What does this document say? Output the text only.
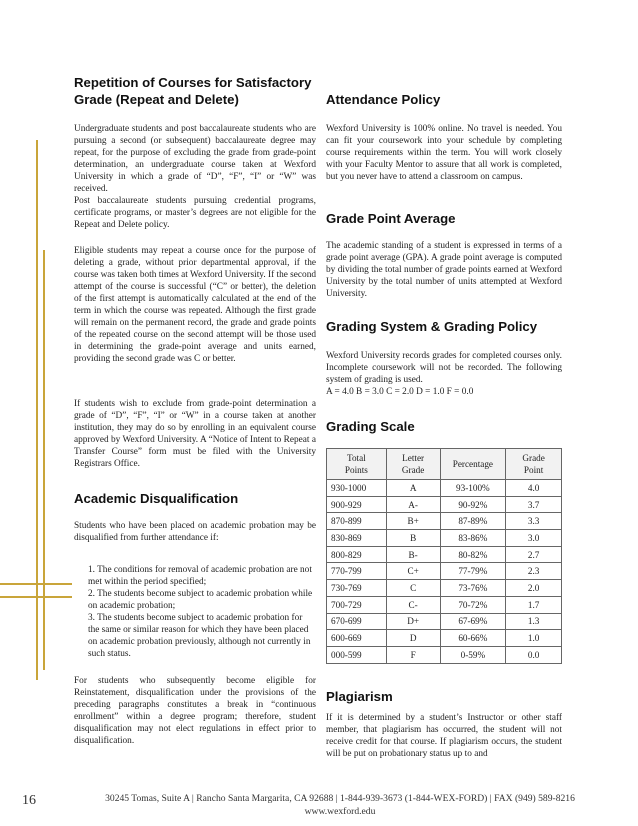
Repetition of Courses for Satisfactory
Grade (Repeat and Delete)

Undergraduate students and post baccalaureate students who are pursuing a second (or subsequent) baccalaureate degree may repeat, for the purpose of excluding the grade from grade-point determination, an undergraduate course taken at Wexford University in which a grade of “D”, “F”, “I” or “W” was received.

Post baccalaureate students pursuing credential programs, certificate programs, or master’s degrees are not eligible for the Repeat and Delete policy.

Eligible students may repeat a course once for the purpose of deleting a grade, without prior departmental approval, if the course was taken both times at Wexford University. If the second attempt of the course is successful (“C” or better), the deletion of the first attempt is automatically calculated at the end of the term in which the course was repeated. Although the first grade will remain on the permanent record, the grade and grade points of the repeated course on the second attempt will be those used in determining the grade-point average and units earned, providing the second grade was C or better.

If students wish to exclude from grade-point determination a grade of “D”, “F”, “I” or “W” in a course taken at another institution, they may do so by enrolling in an equivalent course approved by Wexford University. A “Notice of Intent to Repeat a Transfer Course” form must be filed with the University Registrars Office.

Academic Disqualification

Students who have been placed on academic probation may be disqualified from further attendance if:

1. The conditions for removal of academic probation are not met within the period specified;
2. The students become subject to academic probation while on academic probation;
3. The students become subject to academic probation for the same or similar reason for which they have been placed on academic probation previously, although not currently in such status.

For students who subsequently become eligible for Reinstatement, disqualification under the provisions of the preceding paragraphs constitutes a break in “continuous enrollment” within a degree program; therefore, student disqualification may not elect regulations in effect prior to disqualification.

Attendance Policy

Wexford University is 100% online. No travel is needed. You can fit your coursework into your schedule by completing course requirements within the term. You will work closely with your Faculty Mentor to assure that all work is completed, but you never have to attend a classroom on campus.

Grade Point Average

The academic standing of a student is expressed in terms of a grade point average (GPA). A grade point average is computed by dividing the total number of grade points earned at Wexford University by the total number of units attempted at Wexford University.

Grading System & Grading Policy

Wexford University records grades for completed courses only. Incomplete coursework will not be recorded. The following system of grading is used.

A = 4.0 B = 3.0 C = 2.0 D = 1.0 F = 0.0

Grading Scale
Total Points	Letter Grade	Percentage	Grade Point
930-1000	A	93-100%	4.0
900-929	A-	90-92%	3.7
870-899	B+	87-89%	3.3
830-869	B	83-86%	3.0
800-829	B-	80-82%	2.7
770-799	C+	77-79%	2.3
730-769	C	73-76%	2.0
700-729	C-	70-72%	1.7
670-699	D+	67-69%	1.3
600-669	D	60-66%	1.0
000-599	F	0-59%	0.0
Plagiarism

If it is determined by a student’s Instructor or other staff member, that plagiarism has occurred, the student will not receive credit for that course. If plagiarism occurs, the student will be put on probationary status up to and

16	30245 Tomas, Suite A | Rancho Santa Margarita, CA 92688 | 1-844-939-3673 (1-844-WEX-FORD) | FAX (949) 589-8216
www.wexford.edu
